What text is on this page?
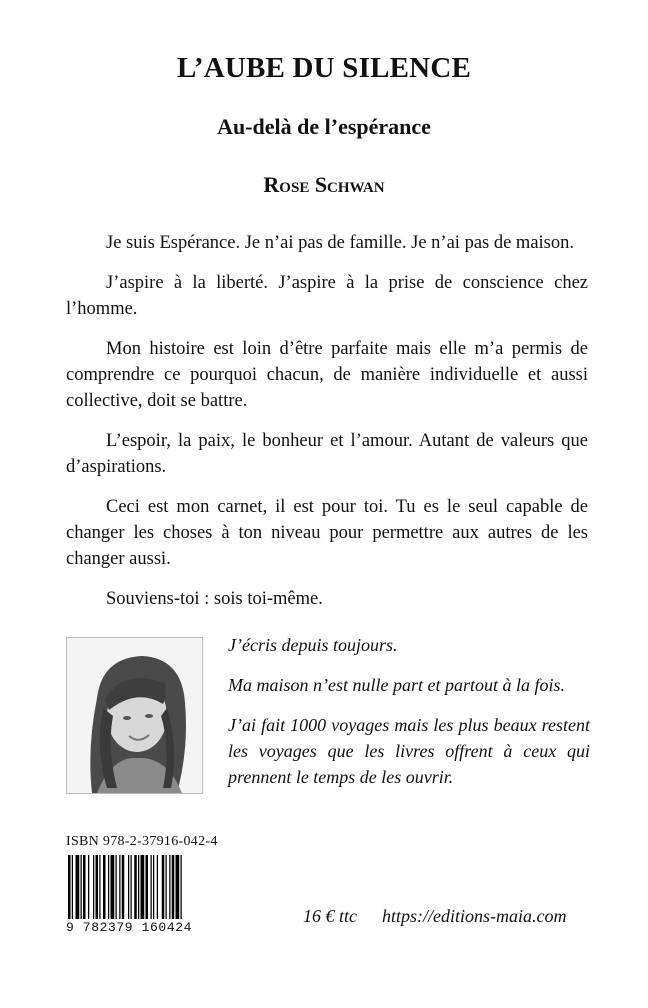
L’AUBE DU SILENCE
Au-delà de l’espérance
Rose Schwan

Je suis Espérance. Je n’ai pas de famille. Je n’ai pas de maison.

J’aspire à la liberté. J’aspire à la prise de conscience chez l’homme.

Mon histoire est loin d’être parfaite mais elle m’a permis de comprendre ce pourquoi chacun, de manière individuelle et aussi collective, doit se battre.

L’espoir, la paix, le bonheur et l’amour. Autant de valeurs que d’aspirations.

Ceci est mon carnet, il est pour toi. Tu es le seul capable de changer les choses à ton niveau pour permettre aux autres de les changer aussi.

Souviens-toi : sois toi-même.

J’écris depuis toujours.

Ma maison n’est nulle part et partout à la fois.

J’ai fait 1000 voyages mais les plus beaux restent les voyages que les livres offrent à ceux qui prennent le temps de les ouvrir.

ISBN 978-2-37916-042-4
9 782379 160424
16 € ttc https://editions-maia.com
